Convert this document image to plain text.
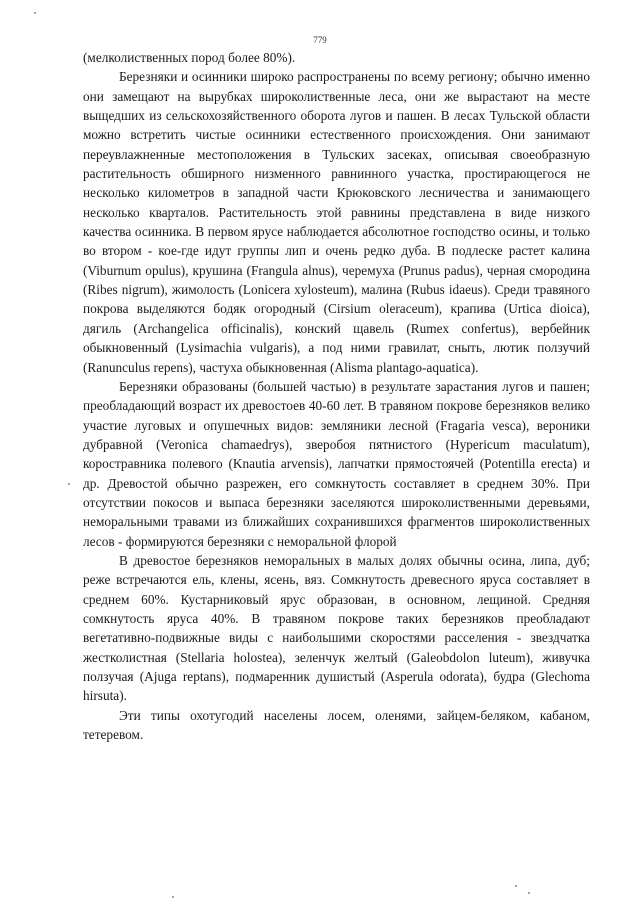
779

(мелколиственных пород более 80%).

Березняки и осинники широко распространены по всему региону; обычно именно они замещают на вырубках широколиственные леса, они же вырастают на месте выщедших из сельскохозяйственного оборота лугов и пашен. В лесах Тульской области можно встретить чистые осинники естественного происхождения. Они занимают переувлажненные местоположения в Тульских засеках, описывая своеобразную растительность обширного низменного равнинного участка, простирающегося не несколько километров в западной части Крюковского лесничества и занимающего несколько кварталов. Растительность этой равнины представлена в виде низкого качества осинника. В первом ярусе наблюдается абсолютное господство осины, и только во втором - кое-где идут группы лип и очень редко дуба. В подлеске растет калина (Viburnum opulus), крушина (Frangula alnus), черемуха (Prunus padus), черная смородина (Ribes nigrum), жимолость (Lonicera xylosteum), малина (Rubus idaeus). Среди травяного покрова выделяются бодяк огородный (Cirsium oleraceum), крапива (Urtica dioica), дягиль (Archangelica officinalis), конский щавель (Rumex confertus), вербейник обыкновенный (Lysimachia vulgaris), а под ними гравилат, сныть, лютик ползучий (Ranunculus repens), частуха обыкновенная (Alisma plantago-aquatica).

Березняки образованы (большей частью) в результате зарастания лугов и пашен; преобладающий возраст их древостоев 40-60 лет. В травяном покрове березняков велико участие луговых и опушечных видов: земляники лесной (Fragaria vesca), вероники дубравной (Veronica chamaedrys), зверобоя пятнистого (Hypericum maculatum), коростравника полевого (Knautia arvensis), лапчатки прямостоячей (Potentilla erecta) и др. Древостой обычно разрежен, его сомкнутость составляет в среднем 30%. При отсутствии покосов и выпаса березняки заселяются широколиственными деревьями, неморальными травами из ближайших сохранившихся фрагментов широколиственных лесов - формируются березняки с неморальной флорой

В древостое березняков неморальных в малых долях обычны осина, липа, дуб; реже встречаются ель, клены, ясень, вяз. Сомкнутость древесного яруса составляет в среднем 60%. Кустарниковый ярус образован, в основном, лещиной. Средняя сомкнутость яруса 40%. В травяном покрове таких березняков преобладают вегетативно-подвижные виды с наибольшими скоростями расселения - звездчатка жестколистная (Stellaria holostea), зеленчук желтый (Galeobdolon luteum), живучка ползучая (Ajuga reptans), подмаренник душистый (Asperula odorata), будра (Glechoma hirsuta).

Эти типы охотугодий населены лосем, оленями, зайцем-беляком, кабаном, тетеревом.
